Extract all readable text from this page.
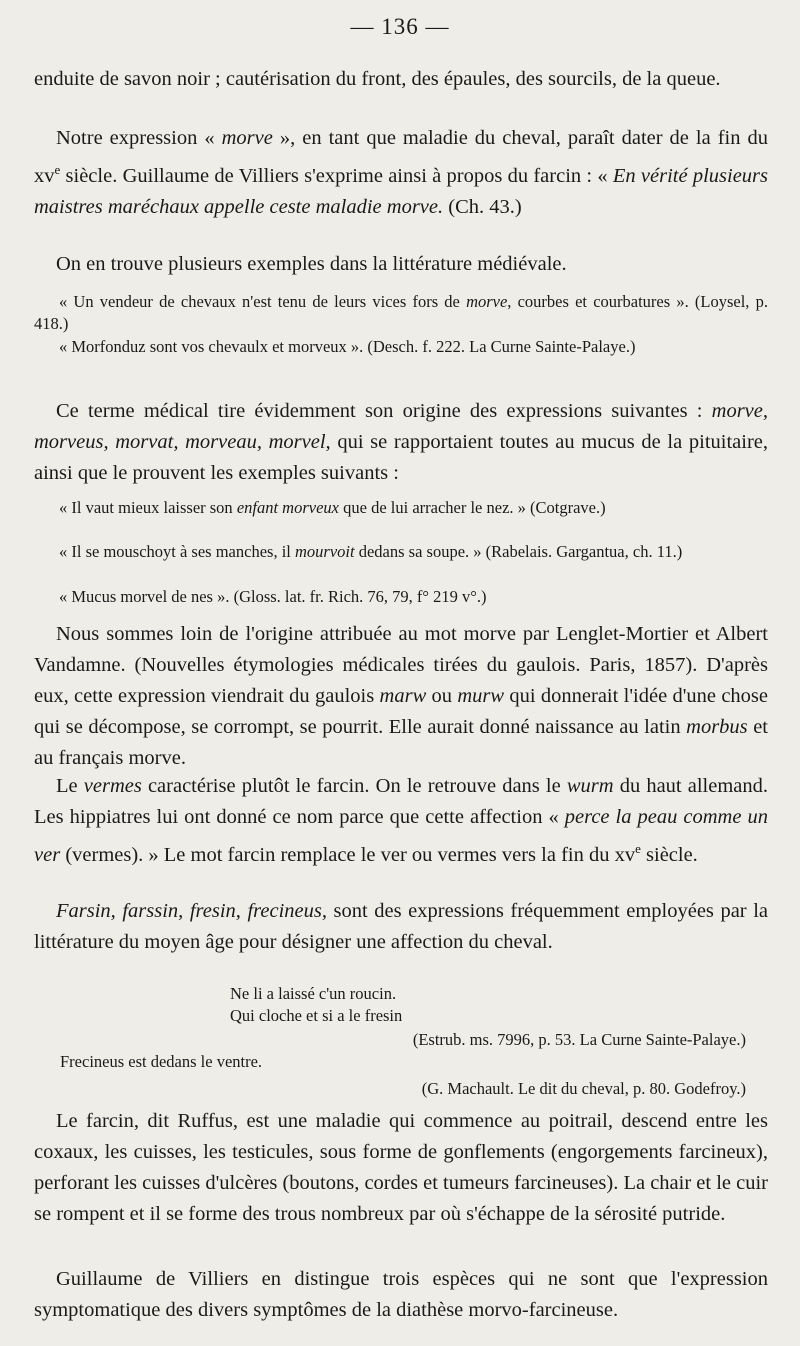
— 136 —

enduite de savon noir ; cautérisation du front, des épaules, des sourcils, de la queue.

Notre expression « morve », en tant que maladie du cheval, paraît dater de la fin du $xv^e$ siècle. Guillaume de Villiers s'exprime ainsi à propos du farcin : « En vérité plusieurs maistres maréchaux appelle ceste maladie morve. (Ch. 43.)

On en trouve plusieurs exemples dans la littérature médiévale.

« Un vendeur de chevaux n'est tenu de leurs vices fors de morve, courbes et courbatures ». (Loysel, p. 418.)

« Morfonduz sont vos chevaulx et morveux ». (Desch. f. 222. La Curne Sainte-Palaye.)

Ce terme médical tire évidemment son origine des expressions suivantes : morve, morveus, morvat, morveau, morvel, qui se rapportaient toutes au mucus de la pituitaire, ainsi que le prouvent les exemples suivants :

« Il vaut mieux laisser son enfant morveux que de lui arracher le nez. » (Cotgrave.)

« Il se mouschoyt à ses manches, il mourvoit dedans sa soupe. » (Rabelais. Gargantua, ch. 11.)

« Mucus morvel de nes ». (Gloss. lat. fr. Rich. 76, 79, f° 219 v°.)

Nous sommes loin de l'origine attribuée au mot morve par Lenglet-Mortier et Albert Vandamne. (Nouvelles étymologies médicales tirées du gaulois. Paris, 1857). D'après eux, cette expression viendrait du gaulois marw ou murw qui donnerait l'idée d'une chose qui se décompose, se corrompt, se pourrit. Elle aurait donné naissance au latin morbus et au français morve.

Le vermes caractérise plutôt le farcin. On le retrouve dans le wurm du haut allemand. Les hippiatres lui ont donné ce nom parce que cette affection « perce la peau comme un ver (vermes). » Le mot farcin remplace le ver ou vermes vers la fin du $xv^e$ siècle.

Farsin, farssin, fresin, frecineus, sont des expressions fréquemment employées par la littérature du moyen âge pour désigner une affection du cheval.

Ne li a laissé c'un roucin.

Qui cloche et si a le fresin

(Estrub. ms. 7996, p. 53. La Curne Sainte-Palaye.)

Frecineus est dedans le ventre.

(G. Machault. Le dit du cheval, p. 80. Godefroy.)

Le farcin, dit Ruffus, est une maladie qui commence au poitrail, descend entre les coxaux, les cuisses, les testicules, sous forme de gonflements (engorgements farcineux), perforant les cuisses d'ulcères (boutons, cordes et tumeurs farcineuses). La chair et le cuir se rompent et il se forme des trous nombreux par où s'échappe de la sérosité putride.

Guillaume de Villiers en distingue trois espèces qui ne sont que l'expression symptomatique des divers symptômes de la diathèse morvo-farcineuse.
